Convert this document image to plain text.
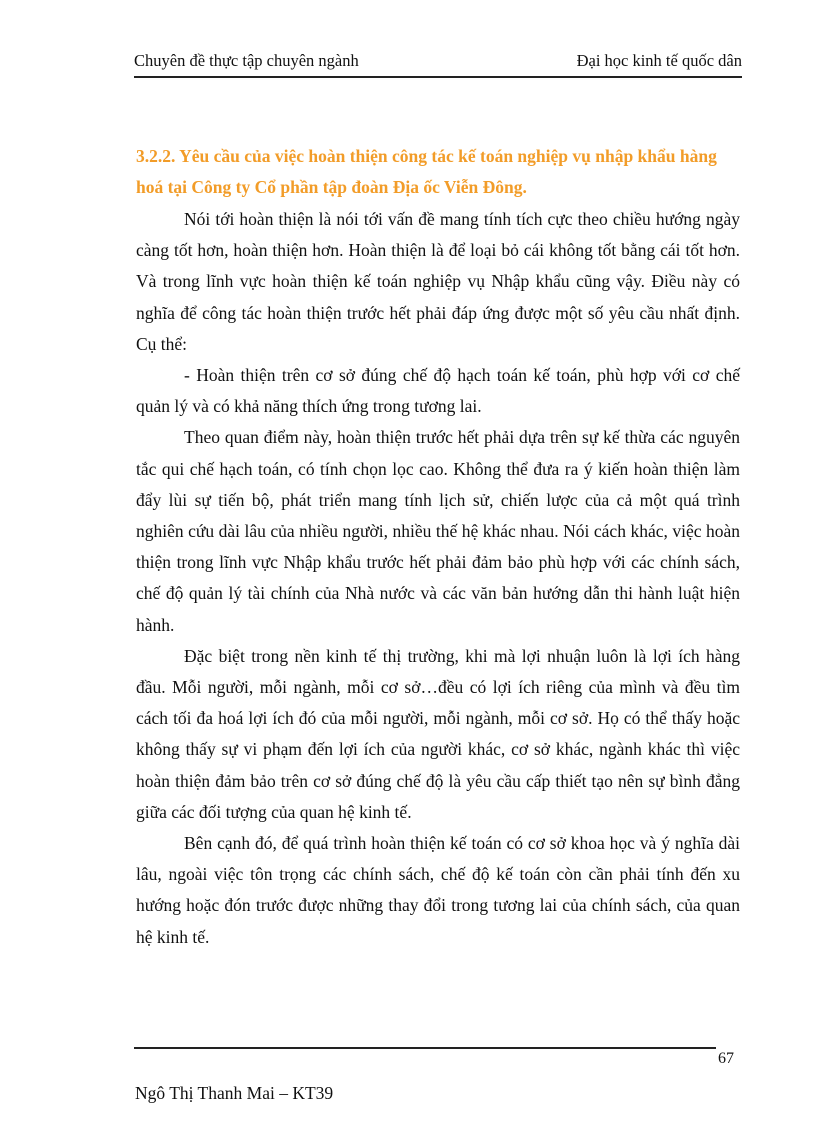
Chuyên đề thực tập chuyên ngành	Đại học kinh tế quốc dân
3.2.2. Yêu cầu của việc hoàn thiện công tác kế toán nghiệp vụ nhập khẩu hàng hoá tại Công ty Cổ phần tập đoàn Địa ốc Viễn Đông.

Nói tới hoàn thiện là nói tới vấn đề mang tính tích cực theo chiều hướng ngày càng tốt hơn, hoàn thiện hơn. Hoàn thiện là để loại bỏ cái không tốt bằng cái tốt hơn. Và trong lĩnh vực hoàn thiện kế toán nghiệp vụ Nhập khẩu cũng vậy. Điều này có nghĩa để công tác hoàn thiện trước hết phải đáp ứng được một số yêu cầu nhất định. Cụ thể:

- Hoàn thiện trên cơ sở đúng chế độ hạch toán kế toán, phù hợp với cơ chế quản lý và có khả năng thích ứng trong tương lai.

Theo quan điểm này, hoàn thiện trước hết phải dựa trên sự kế thừa các nguyên tắc qui chế hạch toán, có tính chọn lọc cao. Không thể đưa ra ý kiến hoàn thiện làm đẩy lùi sự tiến bộ, phát triển mang tính lịch sử, chiến lược của cả một quá trình nghiên cứu dài lâu của nhiều người, nhiều thế hệ khác nhau. Nói cách khác, việc hoàn thiện trong lĩnh vực Nhập khẩu trước hết phải đảm bảo phù hợp với các chính sách, chế độ quản lý tài chính của Nhà nước và các văn bản hướng dẫn thi hành luật hiện hành.

Đặc biệt trong nền kinh tế thị trường, khi mà lợi nhuận luôn là lợi ích hàng đầu. Mỗi người, mỗi ngành, mỗi cơ sở…đều có lợi ích riêng của mình và đều tìm cách tối đa hoá lợi ích đó của mỗi người, mỗi ngành, mỗi cơ sở. Họ có thể thấy hoặc không thấy sự vi phạm đến lợi ích của người khác, cơ sở khác, ngành khác thì việc hoàn thiện đảm bảo trên cơ sở đúng chế độ là yêu cầu cấp thiết tạo nên sự bình đẳng giữa các đối tượng của quan hệ kinh tế.

Bên cạnh đó, để quá trình hoàn thiện kế toán có cơ sở khoa học và ý nghĩa dài lâu, ngoài việc tôn trọng các chính sách, chế độ kế toán còn cần phải tính đến xu hướng hoặc đón trước được những thay đổi trong tương lai của chính sách, của quan hệ kinh tế.

67
Ngô Thị Thanh Mai – KT39
